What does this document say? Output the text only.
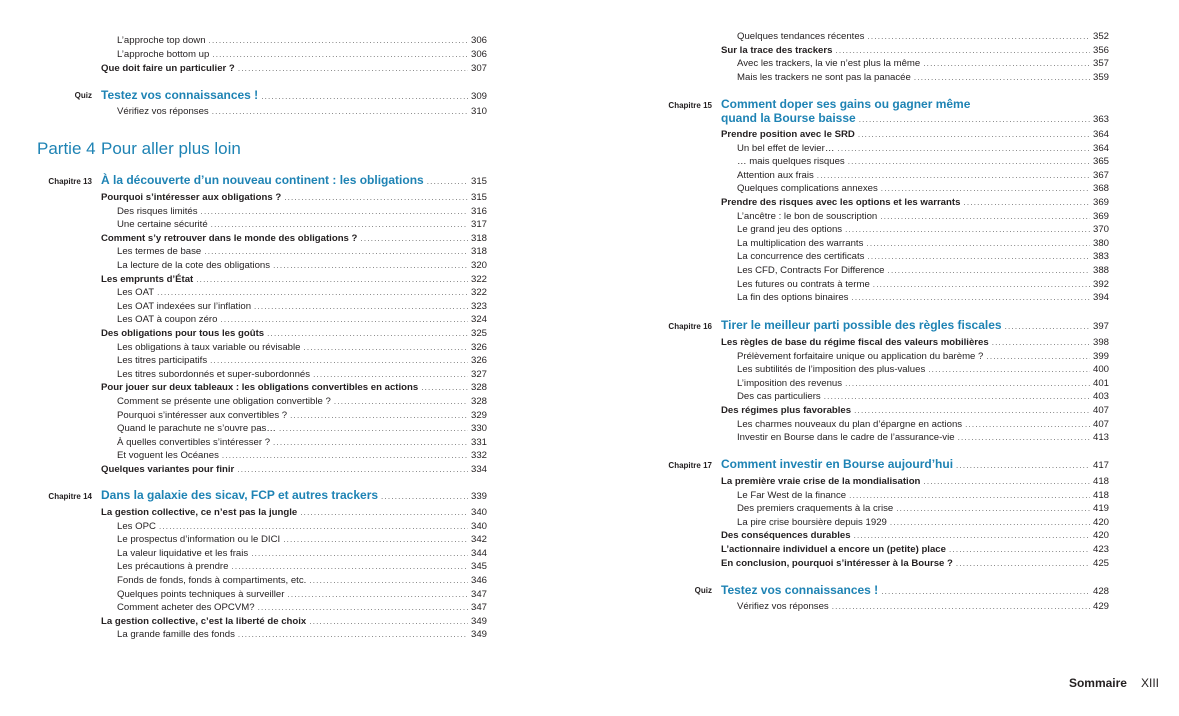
L’approche top down .....	306
L’approche bottom up .....	306
Que doit faire un particulier ? .....	307
Quiz Testez vos connaissances ! .....	309
Vérifiez vos réponses .....	310
Partie 4 Pour aller plus loin
Chapitre 13 À la découverte d’un nouveau continent : les obligations .....	315
Pourquoi s’intéresser aux obligations ? .....	315
Des risques limités .....	316
Une certaine sécurité .....	317
Comment s’y retrouver dans le monde des obligations ? .....	318
Les termes de base .....	318
La lecture de la cote des obligations .....	320
Les emprunts d’État .....	322
Les OAT .....	322
Les OAT indexées sur l’inflation .....	323
Les OAT à coupon zéro .....	324
Des obligations pour tous les goûts .....	325
Les obligations à taux variable ou révisable .....	326
Les titres participatifs .....	326
Les titres subordonnés et super-subordonnés .....	327
Pour jouer sur deux tableaux : les obligations convertibles en actions .....	328
Comment se présente une obligation convertible ? .....	328
Pourquoi s’intéresser aux convertibles ? .....	329
Quand le parachute ne s’ouvre pas… .....	330
À quelles convertibles s’intéresser ? .....	331
Et voguent les Océanes .....	332
Quelques variantes pour finir .....	334
Chapitre 14 Dans la galaxie des sicav, FCP et autres trackers .....	339
La gestion collective, ce n’est pas la jungle .....	340
Les OPC .....	340
Le prospectus d’information ou le DICI .....	342
La valeur liquidative et les frais .....	344
Les précautions à prendre .....	345
Fonds de fonds, fonds à compartiments, etc. .....	346
Quelques points techniques à surveiller .....	347
Comment acheter des OPCVM? .....	347
La gestion collective, c’est la liberté de choix .....	349
La grande famille des fonds .....	349
Quelques tendances récentes .....	352
Sur la trace des trackers .....	356
Avec les trackers, la vie n’est plus la même .....	357
Mais les trackers ne sont pas la panacée .....	359
Chapitre 15 Comment doper ses gains ou gagner même
quand la Bourse baisse .....	363
Prendre position avec le SRD .....	364
Un bel effet de levier… .....	364
… mais quelques risques .....	365
Attention aux frais .....	367
Quelques complications annexes .....	368
Prendre des risques avec les options et les warrants .....	369
L’ancêtre : le bon de souscription .....	369
Le grand jeu des options .....	370
La multiplication des warrants .....	380
La concurrence des certificats .....	383
Les CFD, Contracts For Difference .....	388
Les futures ou contrats à terme .....	392
La fin des options binaires .....	394
Chapitre 16 Tirer le meilleur parti possible des règles fiscales .....	397
Les règles de base du régime fiscal des valeurs mobilières .....	398
Prélèvement forfaitaire unique ou application du barème ? .....	399
Les subtilités de l’imposition des plus-values .....	400
L’imposition des revenus .....	401
Des cas particuliers .....	403
Des régimes plus favorables .....	407
Les charmes nouveaux du plan d’épargne en actions .....	407
Investir en Bourse dans le cadre de l’assurance-vie .....	413
Chapitre 17 Comment investir en Bourse aujourd’hui .....	417
La première vraie crise de la mondialisation .....	418
Le Far West de la finance .....	418
Des premiers craquements à la crise .....	419
La pire crise boursière depuis 1929 .....	420
Des conséquences durables .....	420
L’actionnaire individuel a encore un (petite) place .....	423
En conclusion, pourquoi s’intéresser à la Bourse ? .....	425
Quiz Testez vos connaissances ! .....	428
Vérifiez vos réponses .....	429
Sommaire XIII
